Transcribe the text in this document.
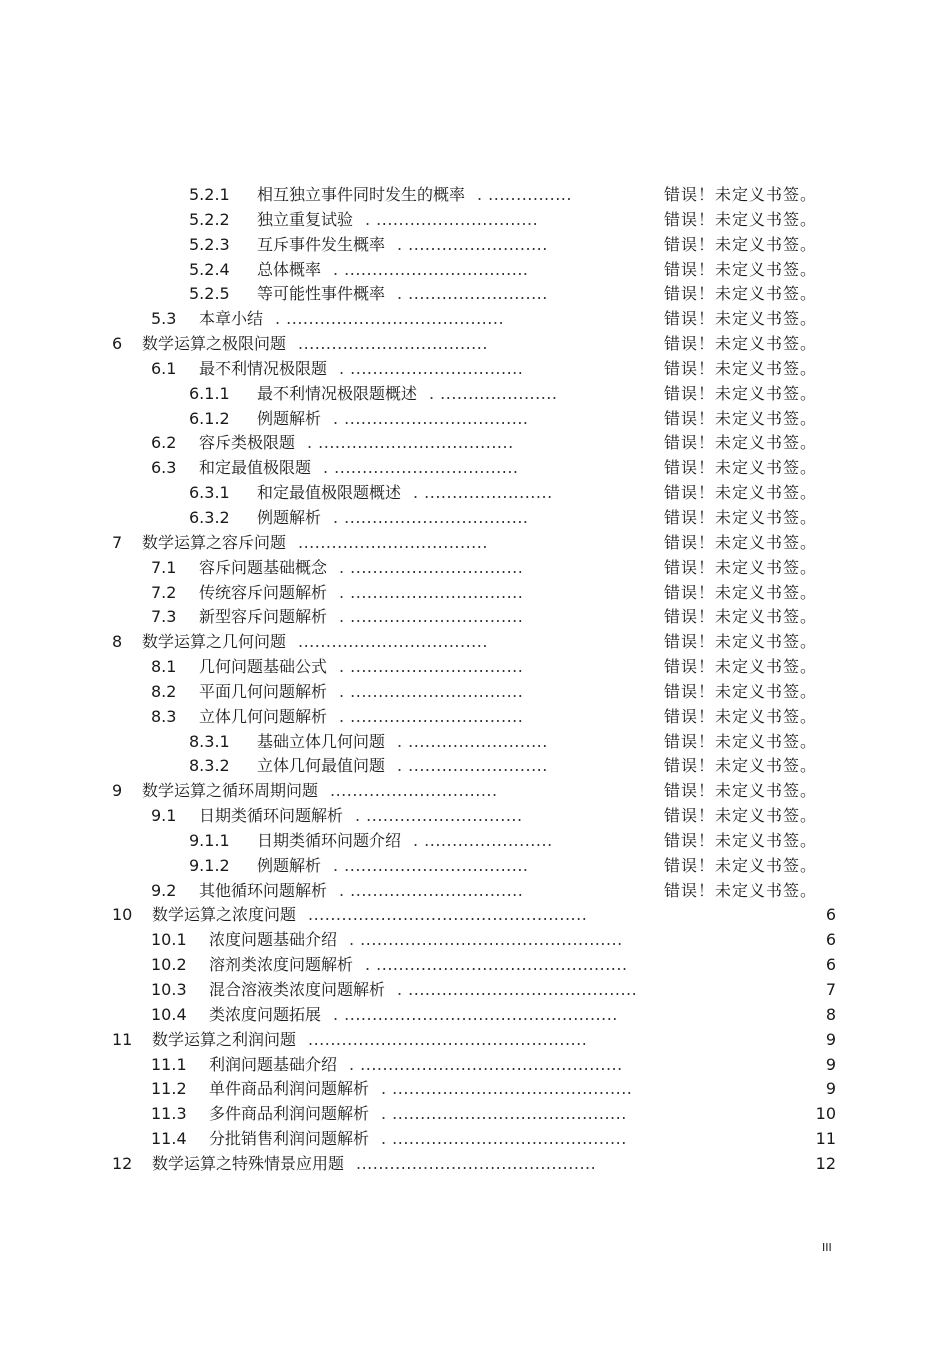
5.2.1 相互独立事件同时发生的概率 . ...............	错误！未定义书签。
5.2.2 独立重复试验 . .............................	错误！未定义书签。
5.2.3 互斥事件发生概率 . .........................	错误！未定义书签。
5.2.4 总体概率 . .................................	错误！未定义书签。
5.2.5 等可能性事件概率 . .........................	错误！未定义书签。
5.3 本章小结 . .......................................	错误！未定义书签。
6 数学运算之极限问题 ..................................	错误！未定义书签。
6.1 最不利情况极限题 . ...............................	错误！未定义书签。
6.1.1 最不利情况极限题概述 . .....................	错误！未定义书签。
6.1.2 例题解析 . .................................	错误！未定义书签。
6.2 容斥类极限题 . ...................................	错误！未定义书签。
6.3 和定最值极限题 . .................................	错误！未定义书签。
6.3.1 和定最值极限题概述 . .......................	错误！未定义书签。
6.3.2 例题解析 . .................................	错误！未定义书签。
7 数学运算之容斥问题 ..................................	错误！未定义书签。
7.1 容斥问题基础概念 . ...............................	错误！未定义书签。
7.2 传统容斥问题解析 . ...............................	错误！未定义书签。
7.3 新型容斥问题解析 . ...............................	错误！未定义书签。
8 数学运算之几何问题 ..................................	错误！未定义书签。
8.1 几何问题基础公式 . ...............................	错误！未定义书签。
8.2 平面几何问题解析 . ...............................	错误！未定义书签。
8.3 立体几何问题解析 . ...............................	错误！未定义书签。
8.3.1 基础立体几何问题 . .........................	错误！未定义书签。
8.3.2 立体几何最值问题 . .........................	错误！未定义书签。
9 数学运算之循环周期问题 ..............................	错误！未定义书签。
9.1 日期类循环问题解析 . ............................	错误！未定义书签。
9.1.1 日期类循环问题介绍 . .......................	错误！未定义书签。
9.1.2 例题解析 . .................................	错误！未定义书签。
9.2 其他循环问题解析 . ...............................	错误！未定义书签。
10 数学运算之浓度问题 ..................................................	6
10.1 浓度问题基础介绍 . ...............................................	6
10.2 溶剂类浓度问题解析 . .............................................	6
10.3 混合溶液类浓度问题解析 . .........................................	7
10.4 类浓度问题拓展 . .................................................	8
11 数学运算之利润问题 ..................................................	9
11.1 利润问题基础介绍 . ...............................................	9
11.2 单件商品利润问题解析 . ...........................................	9
11.3 多件商品利润问题解析 . ..........................................	10
11.4 分批销售利润问题解析 . ..........................................	11
12 数学运算之特殊情景应用题 ...........................................	12
III
